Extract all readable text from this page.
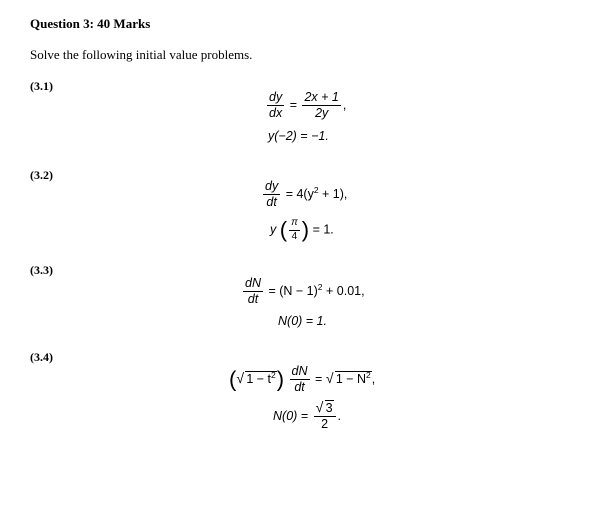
Question 3: 40 Marks
Solve the following initial value problems.
(3.1)
$\frac{dy}{dx} = \frac{2x + 1}{2y}$ ,
y(−2) = −1.
(3.2)
$\frac{dy}{dt} = 4(y^2 + 1)$,
y ( $\frac{\pi}{4}$ ) = 1.
(3.3)
$\frac{dN}{dt} = (N - 1)^2 + 0.01$,
N(0) = 1.
(3.4)
( √ $1 - t^2) \frac{dN}{dt}$ = √ $1 - N^2$,
$N(0) = \frac{√ 3}{2}$ .
